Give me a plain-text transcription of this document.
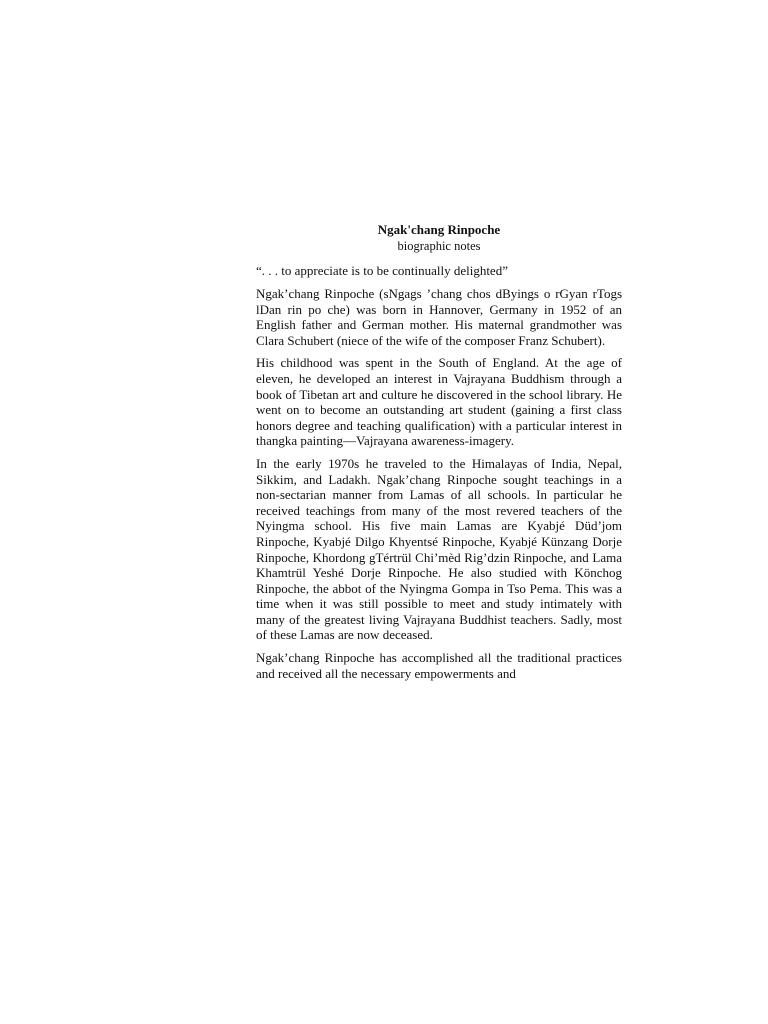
Ngak'chang Rinpoche

biographic notes

“. . . to appreciate is to be continually delighted”

Ngak’chang Rinpoche (sNgags ’chang chos dByings o rGyan rTogs lDan rin po che) was born in Hannover, Germany in 1952 of an English father and German mother. His maternal grandmother was Clara Schubert (niece of the wife of the composer Franz Schubert).

His childhood was spent in the South of England. At the age of eleven, he developed an interest in Vajrayana Buddhism through a book of Tibetan art and culture he discovered in the school library. He went on to become an outstanding art student (gaining a first class honors degree and teaching qualification) with a particular interest in thangka painting—Vajrayana awareness-imagery.

In the early 1970s he traveled to the Himalayas of India, Nepal, Sikkim, and Ladakh. Ngak’chang Rinpoche sought teachings in a non-sectarian manner from Lamas of all schools. In particular he received teachings from many of the most revered teachers of the Nyingma school. His five main Lamas are Kyabjé Düd’jom Rinpoche, Kyabjé Dilgo Khyentsé Rinpoche, Kyabjé Künzang Dorje Rinpoche, Khordong gTértrül Chi’mèd Rig’dzin Rinpoche, and Lama Khamtrül Yeshé Dorje Rinpoche. He also studied with Könchog Rinpoche, the abbot of the Nyingma Gompa in Tso Pema. This was a time when it was still possible to meet and study intimately with many of the greatest living Vajrayana Buddhist teachers. Sadly, most of these Lamas are now deceased.

Ngak’chang Rinpoche has accomplished all the traditional practices and received all the necessary empowerments and
